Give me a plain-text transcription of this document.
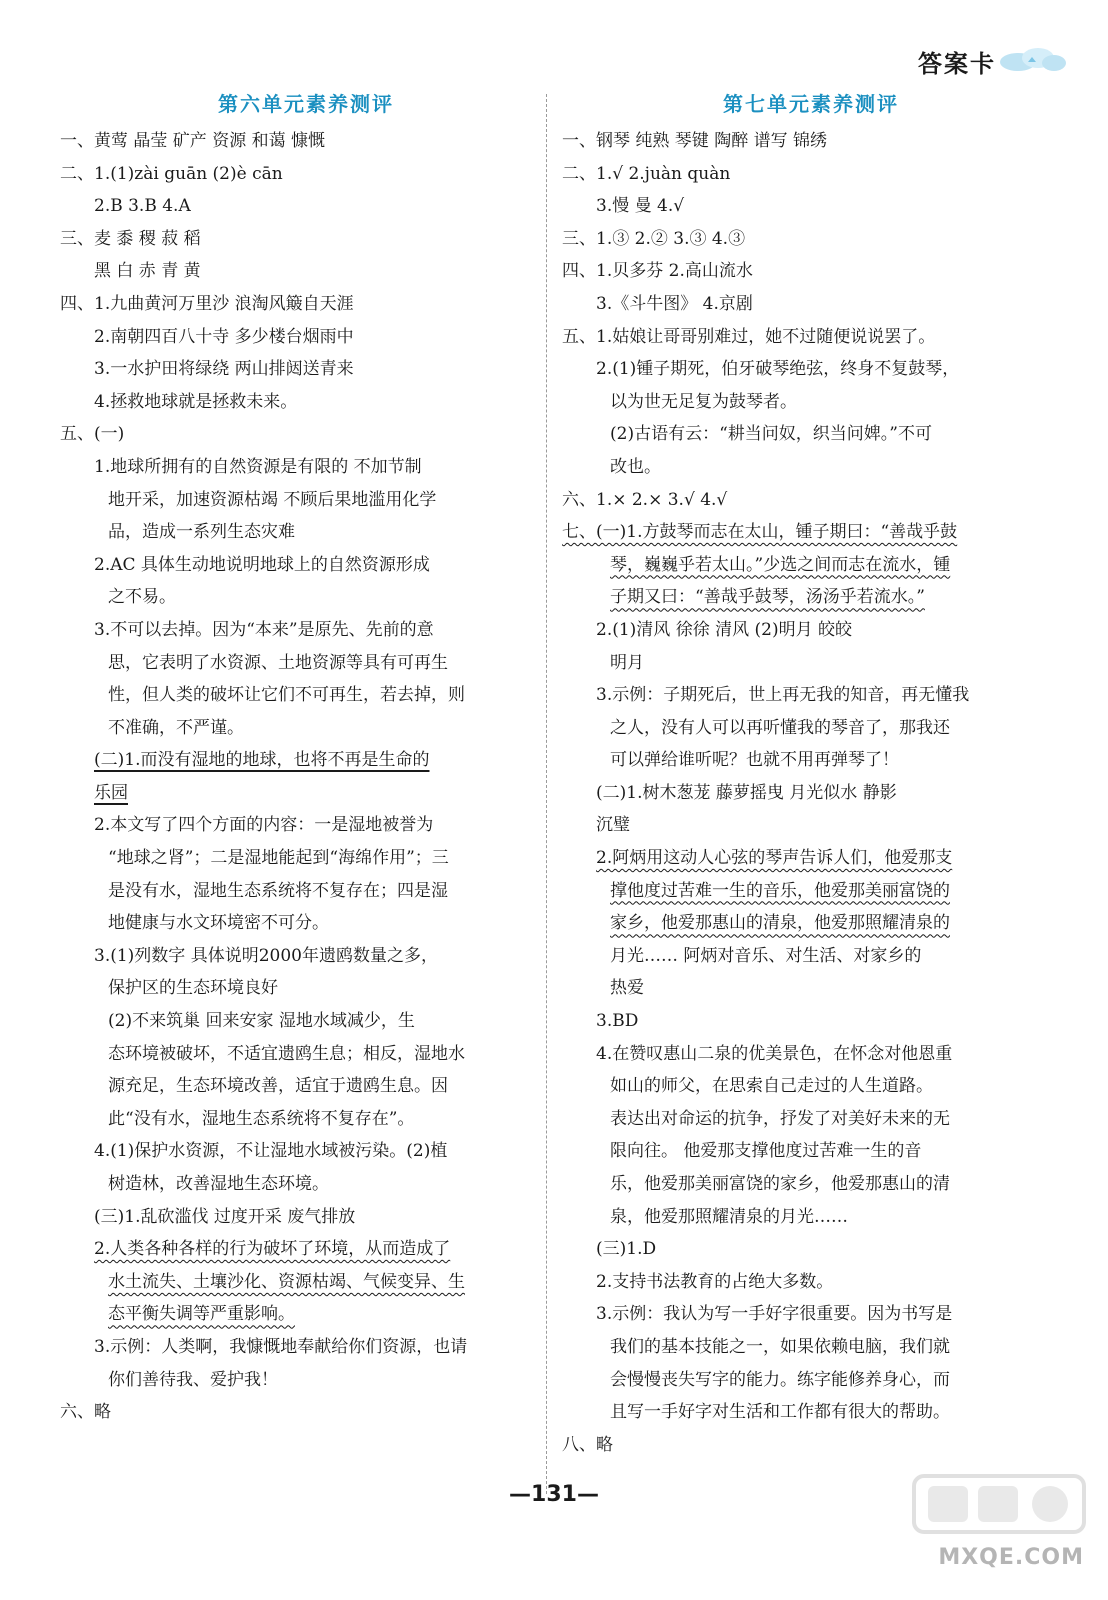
答案卡
第六单元素养测评
一、黄莺 晶莹 矿产 资源 和蔼 慷慨
二、1.(1)zài guān (2)è cān
2.B 3.B 4.A
三、麦 黍 稷 菽 稻
黑 白 赤 青 黄
四、1.九曲黄河万里沙 浪淘风簸自天涯
2.南朝四百八十寺 多少楼台烟雨中
3.一水护田将绿绕 两山排闼送青来
4.拯救地球就是拯救未来。
五、(一)
1.地球所拥有的自然资源是有限的 不加节制
地开采，加速资源枯竭 不顾后果地滥用化学
品，造成一系列生态灾难
2.AC 具体生动地说明地球上的自然资源形成
之不易。
3.不可以去掉。因为“本来”是原先、先前的意
思，它表明了水资源、土地资源等具有可再生
性，但人类的破坏让它们不可再生，若去掉，则
不准确，不严谨。
(二)1.而没有湿地的地球，也将不再是生命的
乐园
2.本文写了四个方面的内容：一是湿地被誉为
“地球之肾”；二是湿地能起到“海绵作用”；三
是没有水，湿地生态系统将不复存在；四是湿
地健康与水文环境密不可分。
3.(1)列数字 具体说明2000年遗鸥数量之多，
保护区的生态环境良好
(2)不来筑巢 回来安家 湿地水域减少，生
态环境被破坏，不适宜遗鸥生息；相反，湿地水
源充足，生态环境改善，适宜于遗鸥生息。因
此“没有水，湿地生态系统将不复存在”。
4.(1)保护水资源，不让湿地水域被污染。(2)植
树造林，改善湿地生态环境。
(三)1.乱砍滥伐 过度开采 废气排放
2.人类各种各样的行为破坏了环境，从而造成了
水土流失、土壤沙化、资源枯竭、气候变异、生
态平衡失调等严重影响。
3.示例：人类啊，我慷慨地奉献给你们资源，也请
你们善待我、爱护我！
六、略
第七单元素养测评
一、钢琴 纯熟 琴键 陶醉 谱写 锦绣
二、1.√ 2.juàn quàn
3.慢 曼 4.√
三、1.③ 2.② 3.③ 4.③
四、1.贝多芬 2.高山流水
3.《斗牛图》 4.京剧
五、1.姑娘让哥哥别难过，她不过随便说说罢了。
2.(1)锺子期死，伯牙破琴绝弦，终身不复鼓琴，
以为世无足复为鼓琴者。
(2)古语有云：“耕当问奴，织当问婢。”不可
改也。
六、1.× 2.× 3.√ 4.√
七、(一)1.方鼓琴而志在太山，锺子期曰：“善哉乎鼓
琴，巍巍乎若太山。”少选之间而志在流水，锺
子期又曰：“善哉乎鼓琴，汤汤乎若流水。”
2.(1)清风 徐徐 清风 (2)明月 皎皎
明月
3.示例：子期死后，世上再无我的知音，再无懂我
之人，没有人可以再听懂我的琴音了，那我还
可以弹给谁听呢？也就不用再弹琴了！
(二)1.树木葱茏 藤萝摇曳 月光似水 静影
沉璧
2.阿炳用这动人心弦的琴声告诉人们，他爱那支
撑他度过苦难一生的音乐，他爱那美丽富饶的
家乡，他爱那惠山的清泉，他爱那照耀清泉的
月光…… 阿炳对音乐、对生活、对家乡的
热爱
3.BD
4.在赞叹惠山二泉的优美景色，在怀念对他恩重
如山的师父，在思索自己走过的人生道路。
表达出对命运的抗争，抒发了对美好未来的无
限向往。 他爱那支撑他度过苦难一生的音
乐，他爱那美丽富饶的家乡，他爱那惠山的清
泉，他爱那照耀清泉的月光……
(三)1.D
2.支持书法教育的占绝大多数。
3.示例：我认为写一手好字很重要。因为书写是
我们的基本技能之一，如果依赖电脑，我们就
会慢慢丧失写字的能力。练字能修养身心，而
且写一手好字对生活和工作都有很大的帮助。
八、略
—131—
MXQE.COM
